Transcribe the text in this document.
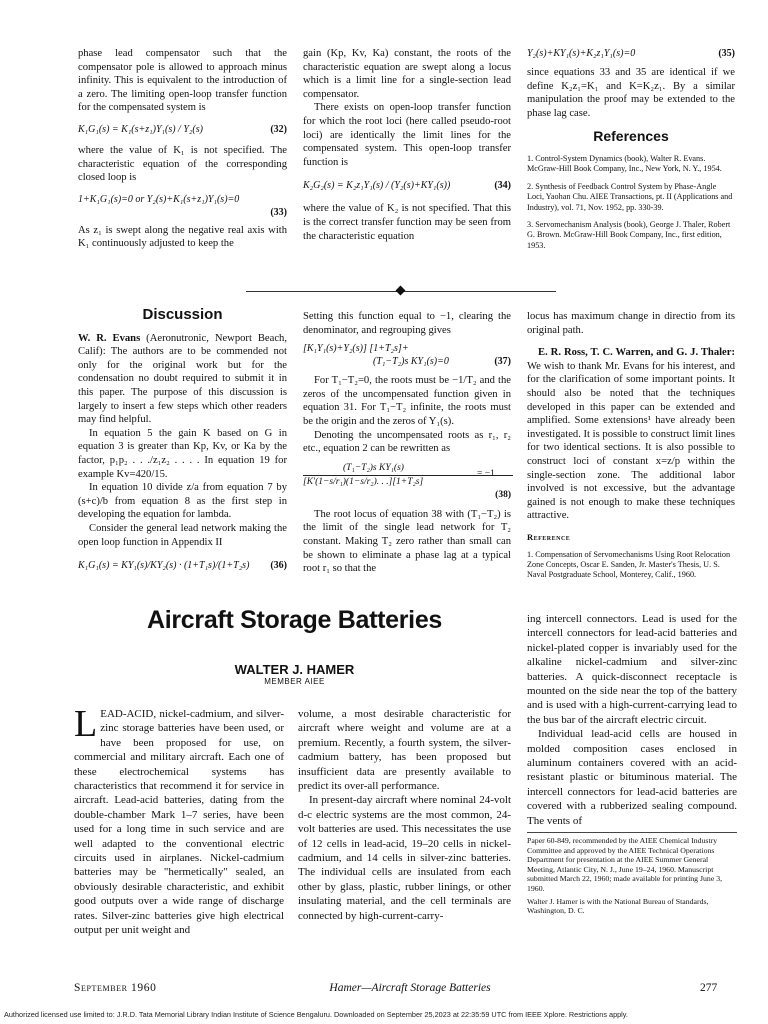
phase lead compensator such that the compensator pole is allowed to approach minus infinity. This is equivalent to the introduction of a zero. The limiting open-loop transfer function for the compensated system is

K₁G₁(s) = K₁(s+z₁)Y₁(s) / Y₂(s)	(32)

where the value of K₁ is not specified. The characteristic equation of the corresponding closed loop is

1+K₁G₁(s)=0 or Y₂(s)+K₁(s+z₁)Y₁(s)=0
(33)

As z₁ is swept along the negative real axis with K₁ continuously adjusted to keep the

gain (Kp, Kv, Ka) constant, the roots of the characteristic equation are swept along a locus which is a limit line for a single-section lead compensator.

There exists on open-loop transfer function for which the root loci (here called pseudo-root loci) are identically the limit lines for the compensated system. This open-loop transfer function is

K₂G₂(s) = K₂z₁Y₁(s) / (Y₂(s)+KY₁(s))	(34)

where the value of K₂ is not specified. That this is the correct transfer function may be seen from the characteristic equation

Y₂(s)+KY₁(s)+K₂z₁Y₁(s)=0	(35)

since equations 33 and 35 are identical if we define K₂z₁=K₁ and K=K₂z₁. By a similar manipulation the proof may be extended to the phase lag case.

References

1. Control-System Dynamics (book), Walter R. Evans. McGraw-Hill Book Company, Inc., New York, N. Y., 1954.

2. Synthesis of Feedback Control System by Phase-Angle Loci, Yaohan Chu. AIEE Transactions, pt. II (Applications and Industry), vol. 71, Nov. 1952, pp. 330-39.

3. Servomechanism Analysis (book), George J. Thaler, Robert G. Brown. McGraw-Hill Book Company, Inc., first edition, 1953.

Discussion

W. R. Evans (Aeronutronic, Newport Beach, Calif): The authors are to be commended not only for the original work but for the condensation no doubt required to submit it in this paper. The purpose of this discussion is largely to insert a few steps which other readers may find helpful.

In equation 5 the gain K based on G in equation 3 is greater than Kp, Kv, or Ka by the factor, p₁p₂ . . ./z₁z₂ . . . . In equation 19 for example Kv=420/15.

In equation 10 divide z/a from equation 7 by (s+c)/b from equation 8 as the first step in developing the equation for lambda.

Consider the general lead network making the open loop function in Appendix II

K₁G₁(s) = KY₁(s)/KY₂(s) · (1+T₁s)/(1+T₂s) (36)

Setting this function equal to −1, clearing the denominator, and regrouping gives

[K₁Y₁(s)+Y₂(s)] [1+T₂s]+
(T₁−T₂)s KY₁(s)=0	(37)

For T₁−T₂=0, the roots must be −1/T₂ and the zeros of the uncompensated function given in equation 31. For T₁−T₂ infinite, the roots must be the origin and the zeros of Y₁(s).

Denoting the uncompensated roots as r₁, r₂ etc., equation 2 can be rewritten as

(T₁−T₂)s KY₁(s)
[K′(1−s/r₁)(1−s/r₂). . .][1+T₂s]
= −1
(38)

The root locus of equation 38 with (T₁−T₂) is the limit of the single lead network for T₂ constant. Making T₂ zero rather than small can be shown to eliminate a phase lag at a typical root r₁ so that the

locus has maximum change in directio from its original path.

E. R. Ross, T. C. Warren, and G. J. Thaler: We wish to thank Mr. Evans for his interest, and for the clarification of some important points. It should also be noted that the techniques developed in this paper can be extended and amplified. Some extensions¹ have already been investigated. It is possible to construct limit lines for two identical sections. It is also possible to construct loci of constant x=z/p within the single-section zone. The additional labor involved is not excessive, but the advantage gained is not enough to make these techniques attractive.

Reference

1. Compensation of Servomechanisms Using Root Relocation Zone Concepts, Oscar E. Sanden, Jr. Master's Thesis, U. S. Naval Postgraduate School, Monterey, Calif., 1960.

Aircraft Storage Batteries
WALTER J. HAMER
MEMBER AIEE
L EAD-ACID, nickel-cadmium, and silver-zinc storage batteries have been used, or have been proposed for use, on commercial and military aircraft. Each one of these electrochemical systems has characteristics that recommend it for service in aircraft. Lead-acid batteries, dating from the double-chamber Mark 1–7 series, have been used for a long time in such service and are well adapted to the conventional electric circuits used in airplanes. Nickel-cadmium batteries may be "hermetically" sealed, an obviously desirable characteristic, and exhibit good outputs over a wide range of discharge rates. Silver-zinc batteries give high electrical output per unit weight and

volume, a most desirable characteristic for aircraft where weight and volume are at a premium. Recently, a fourth system, the silver-cadmium battery, has been proposed but insufficient data are presently available to predict its over-all performance.

In present-day aircraft where nominal 24-volt d-c electric systems are the most common, 24-volt batteries are used. This necessitates the use of 12 cells in lead-acid, 19–20 cells in nickel-cadmium, and 14 cells in silver-zinc batteries. The individual cells are insulated from each other by glass, plastic, rubber linings, or other insulating material, and the cell terminals are connected by high-current-carry-

ing intercell connectors. Lead is used for the intercell connectors for lead-acid batteries and nickel-plated copper is invariably used for the alkaline nickel-cadmium and silver-zinc batteries. A quick-disconnect receptacle is mounted on the side near the top of the battery and is used with a high-current-carrying lead to the bus bar of the aircraft electric circuit.

Individual lead-acid cells are housed in molded composition cases enclosed in aluminum containers covered with an acid-resistant plastic or bituminous material. The intercell connectors for lead-acid batteries are covered with a rubberized sealing compound. The vents of

Paper 60-849, recommended by the AIEE Chemical Industry Committee and approved by the AIEE Technical Operations Department for presentation at the AIEE Summer General Meeting, Atlantic City, N. J., June 19–24, 1960. Manuscript submitted March 22, 1960; made available for printing June 3, 1960.

Walter J. Hamer is with the National Bureau of Standards, Washington, D. C.

September 1960	Hamer—Aircraft Storage Batteries	277
Authorized licensed use limited to: J.R.D. Tata Memorial Library Indian Institute of Science Bengaluru. Downloaded on September 25,2023 at 22:35:59 UTC from IEEE Xplore. Restrictions apply.
